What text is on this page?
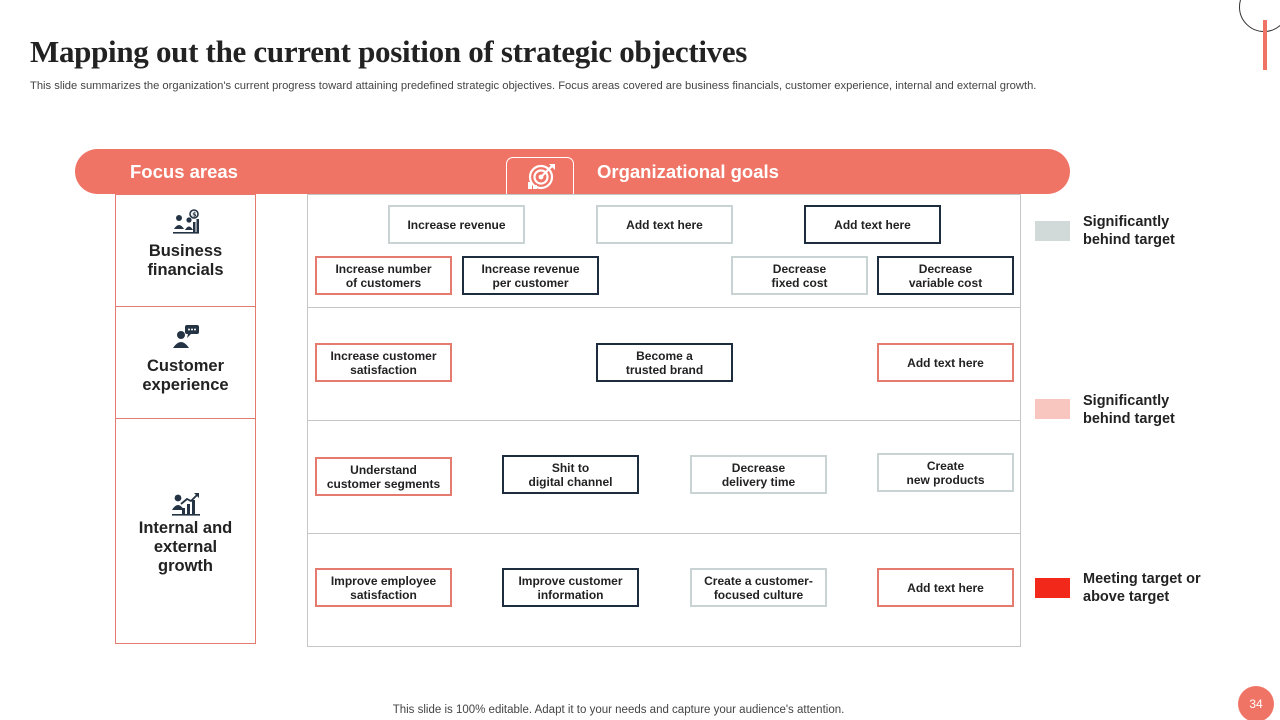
Mapping out the current position of strategic objectives
This slide summarizes the organization's current progress toward attaining predefined strategic objectives. Focus areas covered are business financials, customer experience, internal and external growth.
Focus areas	Organizational goals
$
Business
financials
Customer
experience
Internal and
external
growth
Increase revenue	Add text here	Add text here
Increase number
of customers
Increase revenue
per customer
Decrease
fixed cost
Decrease
variable cost
Increase customer
satisfaction
Become a
trusted brand	Add text here
Understand
customer segments
Shit to
digital channel
Decrease
delivery time
Create
new products
Improve employee
satisfaction
Improve customer
information
Create a customer-
focused culture	Add text here
Significantly
behind target
Significantly
behind target
Meeting target or
above target
This slide is 100% editable. Adapt it to your needs and capture your audience's attention.	34
